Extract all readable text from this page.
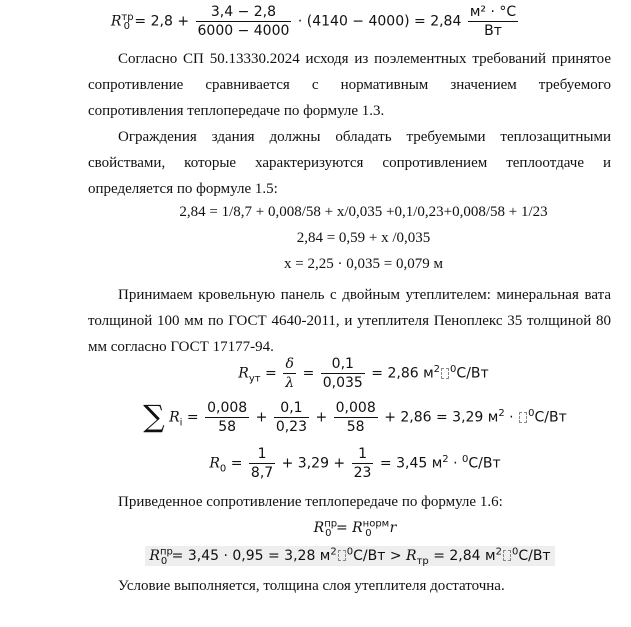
$R^{тр}_0 = 2,8 + \frac{3,4 - 2,8}{6000 - 4000} \cdot (4140 - 4000) = 2,84 \frac{\text{м² · °С}}{Вт}$
Согласно СП 50.13330.2024 исходя из поэлементных требований принятое
сопротивление сравнивается с нормативным значением требуемого
сопротивления теплопередаче по формуле 1.3.
Ограждения здания должны обладать требуемыми теплозащитными
свойствами, которые характеризуются сопротивлением теплоотдаче и
определяется по формуле 1.5:
2,84 = 1/8,7 + 0,008/58 + x/0,035 +0,1/0,23+0,008/58 + 1/23
2,84 = 0,59 + x /0,035
x = 2,25 · 0,035 = 0,079 м
Принимаем кровельную панель с двойным утеплителем: минеральная вата
толщиной 100 мм по ГОСТ 4640-2011, и утеплителя Пеноплекс 35 толщиной 80
мм согласно ГОСТ 17177-94.
$R_{ут} = \frac{\delta}{\lambda} = \frac{0,1}{0,035} = 2,86$ $м^2$ $^0$С/Вт
∑ $R_i = \frac{0,008}{58} + \frac{0,1}{0,23} + \frac{0,008}{58} + 2,86 = 3,29$ $м^2 \cdot ^0С/Вт$
$R_0 = \frac{1}{8,7} + 3,29 + \frac{1}{23} = 3,45$ $м^2 \cdot ^0С/Вт$
Приведенное сопротивление теплопередаче по формуле 1.6:
$R^{пр}_0 = R^{норм}_0$ r
$R^{пр}_0 = 3,45 \cdot 0,95 = 3,28$ $м^2$ $^0С/Вт > R_{тр} = 2,84$ $м^2$ $^0$С/Вт
Условие выполняется, толщина слоя утеплителя достаточна.
